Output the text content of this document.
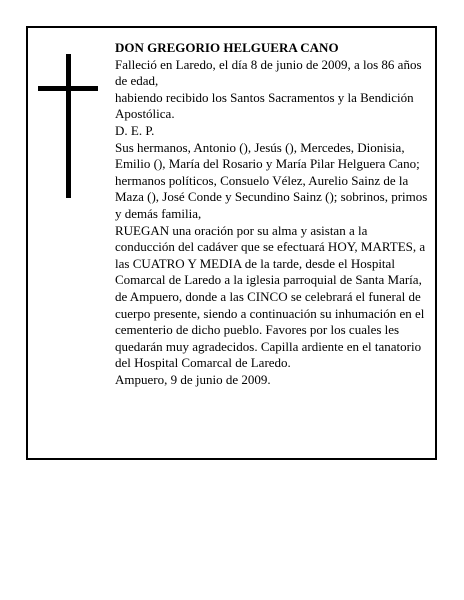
DON GREGORIO HELGUERA CANO

Falleció en Laredo, el día 8 de junio de 2009, a los 86 años de edad,

habiendo recibido los Santos Sacramentos y la Bendición Apostólica.

D. E. P.

Sus hermanos, Antonio (), Jesús (), Mercedes, Dionisia, Emilio (), María del Rosario y María Pilar Helguera Cano; hermanos políticos, Consuelo Vélez, Aurelio Sainz de la Maza (), José Conde y Secundino Sainz (); sobrinos, primos y demás familia,

RUEGAN una oración por su alma y asistan a la conducción del cadáver que se efectuará HOY, MARTES, a las CUATRO Y MEDIA de la tarde, desde el Hospital Comarcal de Laredo a la iglesia parroquial de Santa María, de Ampuero, donde a las CINCO se celebrará el funeral de cuerpo presente, siendo a continuación su inhumación en el cementerio de dicho pueblo. Favores por los cuales les quedarán muy agradecidos. Capilla ardiente en el tanatorio del Hospital Comarcal de Laredo.

Ampuero, 9 de junio de 2009.
